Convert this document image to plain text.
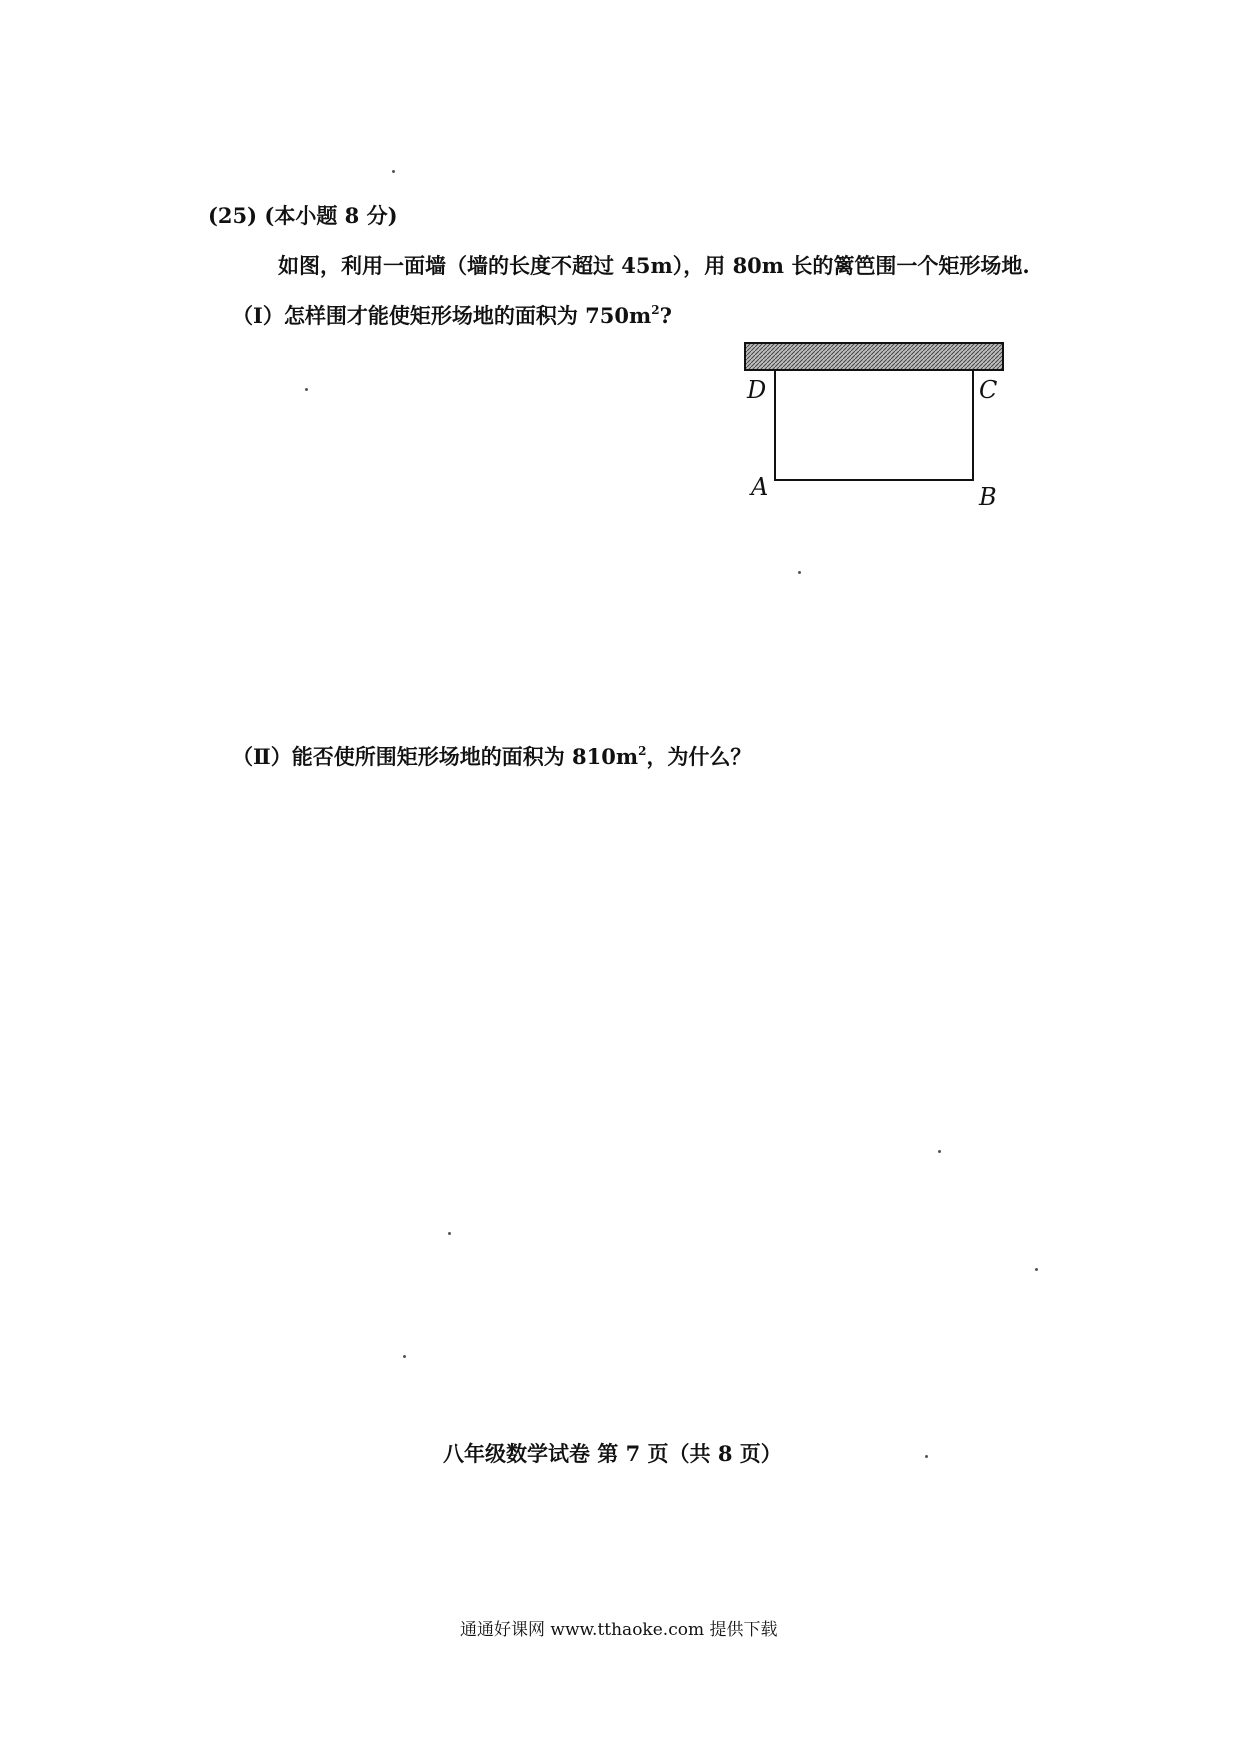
(25) (本小题 8 分)
如图，利用一面墙（墙的长度不超过 45m），用 80m 长的篱笆围一个矩形场地.
（Ⅰ）怎样围才能使矩形场地的面积为 $750m^2$?
D	C
A	B
（Ⅱ）能否使所围矩形场地的面积为 $810m^2$，为什么？
八年级数学试卷 第 7 页（共 8 页）
通通好课网 www.tthaoke.com 提供下载
